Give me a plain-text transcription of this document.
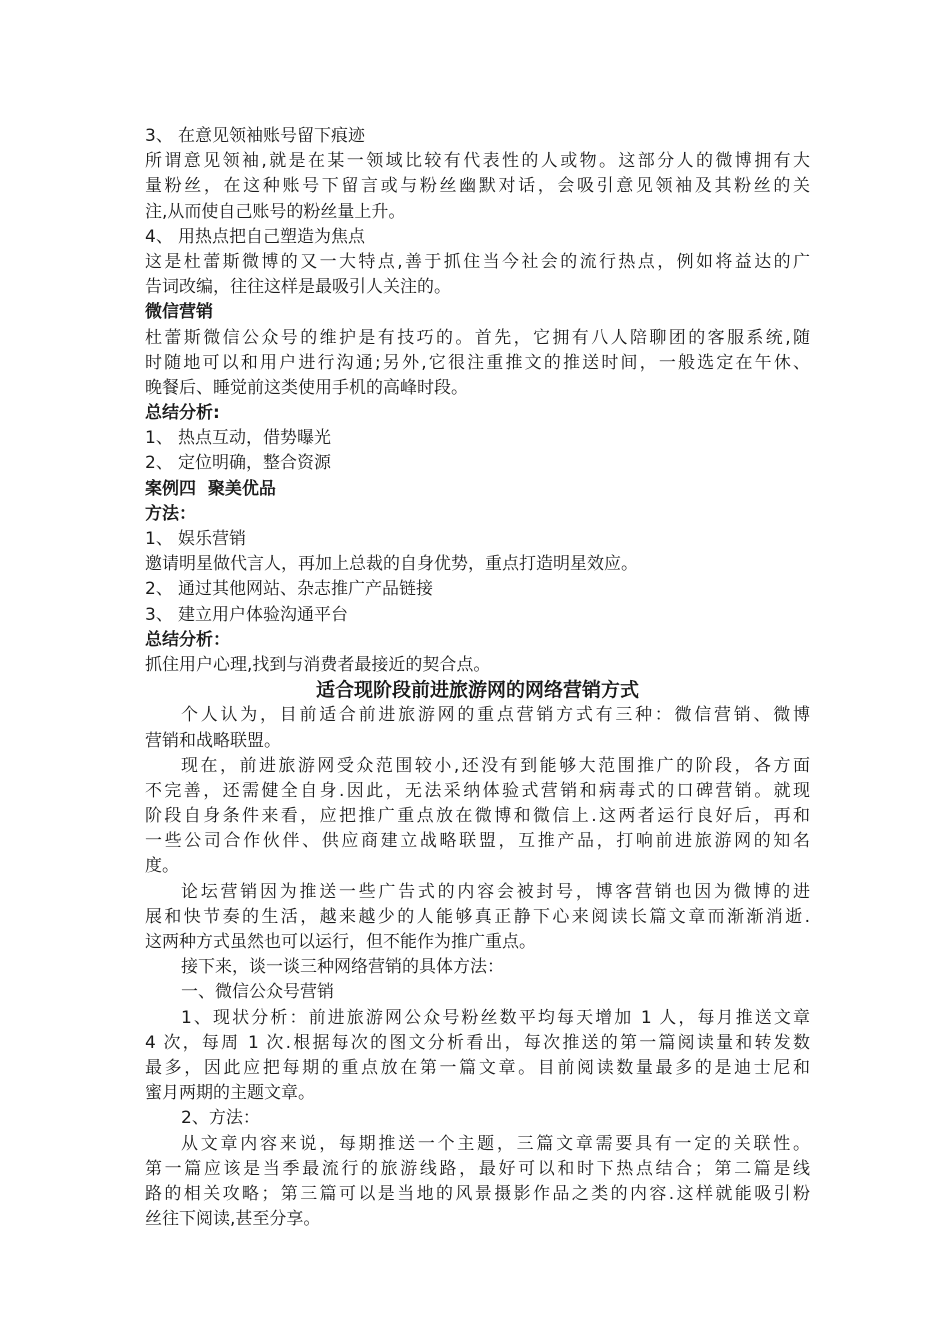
3、 在意见领袖账号留下痕迹
所谓意见领袖,就是在某一领域比较有代表性的人或物。这部分人的微博拥有大
量粉丝，在这种账号下留言或与粉丝幽默对话，会吸引意见领袖及其粉丝的关
注,从而使自己账号的粉丝量上升。
4、 用热点把自己塑造为焦点
这是杜蕾斯微博的又一大特点,善于抓住当今社会的流行热点，例如将益达的广
告词改编，往往这样是最吸引人关注的。
微信营销
杜蕾斯微信公众号的维护是有技巧的。首先，它拥有八人陪聊团的客服系统,随
时随地可以和用户进行沟通;另外,它很注重推文的推送时间，一般选定在午休、
晚餐后、睡觉前这类使用手机的高峰时段。
总结分析:
1、 热点互动，借势曝光
2、 定位明确，整合资源
案例四  聚美优品
方法：
1、 娱乐营销
邀请明星做代言人，再加上总裁的自身优势，重点打造明星效应。
2、 通过其他网站、杂志推广产品链接
3、 建立用户体验沟通平台
总结分析：
抓住用户心理,找到与消费者最接近的契合点。
适合现阶段前进旅游网的网络营销方式
个人认为，目前适合前进旅游网的重点营销方式有三种：微信营销、微博
营销和战略联盟。
现在，前进旅游网受众范围较小,还没有到能够大范围推广的阶段，各方面
不完善，还需健全自身.因此，无法采纳体验式营销和病毒式的口碑营销。就现
阶段自身条件来看，应把推广重点放在微博和微信上.这两者运行良好后，再和
一些公司合作伙伴、供应商建立战略联盟，互推产品，打响前进旅游网的知名
度。
论坛营销因为推送一些广告式的内容会被封号，博客营销也因为微博的进
展和快节奏的生活，越来越少的人能够真正静下心来阅读长篇文章而渐渐消逝.
这两种方式虽然也可以运行，但不能作为推广重点。
接下来，谈一谈三种网络营销的具体方法：
一、微信公众号营销
1、现状分析：前进旅游网公众号粉丝数平均每天增加 1 人，每月推送文章
4 次，每周 1 次.根据每次的图文分析看出，每次推送的第一篇阅读量和转发数
最多，因此应把每期的重点放在第一篇文章。目前阅读数量最多的是迪士尼和
蜜月两期的主题文章。
2、方法：
从文章内容来说，每期推送一个主题，三篇文章需要具有一定的关联性。
第一篇应该是当季最流行的旅游线路，最好可以和时下热点结合；第二篇是线
路的相关攻略；第三篇可以是当地的风景摄影作品之类的内容.这样就能吸引粉
丝往下阅读,甚至分享。
